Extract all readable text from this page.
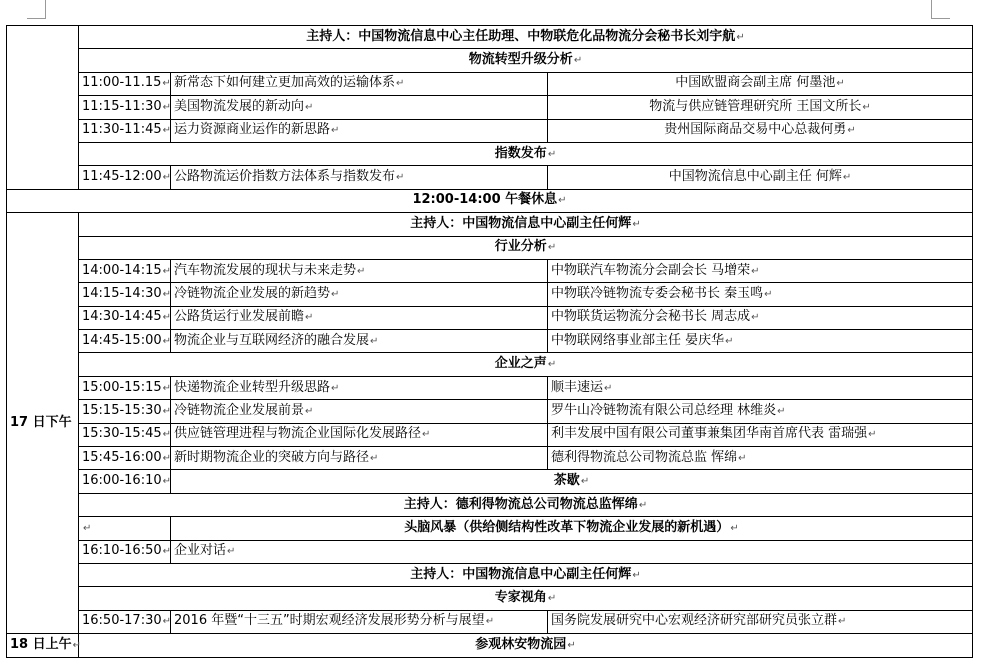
	主持人：中国物流信息中心主任助理、中物联危化品物流分会秘书长刘宇航↵		
	物流转型升级分析↵		
	11:00-11.15↵	新常态下如何建立更加高效的运输体系↵	中国欧盟商会副主席 何墨池↵
	11:15-11:30↵	美国物流发展的新动向↵	物流与供应链管理研究所 王国文所长↵
	11:30-11:45↵	运力资源商业运作的新思路↵	贵州国际商品交易中心总裁何勇↵
	指数发布↵		
	11:45-12:00↵	公路物流运价指数方法体系与指数发布↵	中国物流信息中心副主任 何辉↵
12:00-14:00 午餐休息↵			
17 日下午	主持人：中国物流信息中心副主任何辉↵		
	行业分析↵		
	14:00-14:15↵	汽车物流发展的现状与未来走势↵	中物联汽车物流分会副会长 马增荣↵
	14:15-14:30↵	冷链物流企业发展的新趋势↵	中物联冷链物流专委会秘书长 秦玉鸣↵
	14:30-14:45↵	公路货运行业发展前瞻↵	中物联货运物流分会秘书长 周志成↵
	14:45-15:00↵	物流企业与互联网经济的融合发展↵	中物联网络事业部主任 晏庆华↵
	企业之声↵		
	15:00-15:15↵	快递物流企业转型升级思路↵	顺丰速运↵
	15:15-15:30↵	冷链物流企业发展前景↵	罗牛山冷链物流有限公司总经理 林维炎↵
	15:30-15:45↵	供应链管理进程与物流企业国际化发展路径↵	利丰发展中国有限公司董事兼集团华南首席代表 雷瑞强↵
	15:45-16:00↵	新时期物流企业的突破方向与路径↵	德利得物流总公司物流总监 恽绵↵
	16:00-16:10↵	茶歇↵	
	主持人：德利得物流总公司物流总监恽绵↵		
	↵	头脑风暴（供给侧结构性改革下物流企业发展的新机遇）↵	
	16:10-16:50↵	企业对话↵	
	主持人：中国物流信息中心副主任何辉↵		
	专家视角↵		
	16:50-17:30↵	2016 年暨“十三五”时期宏观经济发展形势分析与展望↵	国务院发展研究中心宏观经济研究部研究员张立群↵
18 日上午↵	参观林安物流园↵		
